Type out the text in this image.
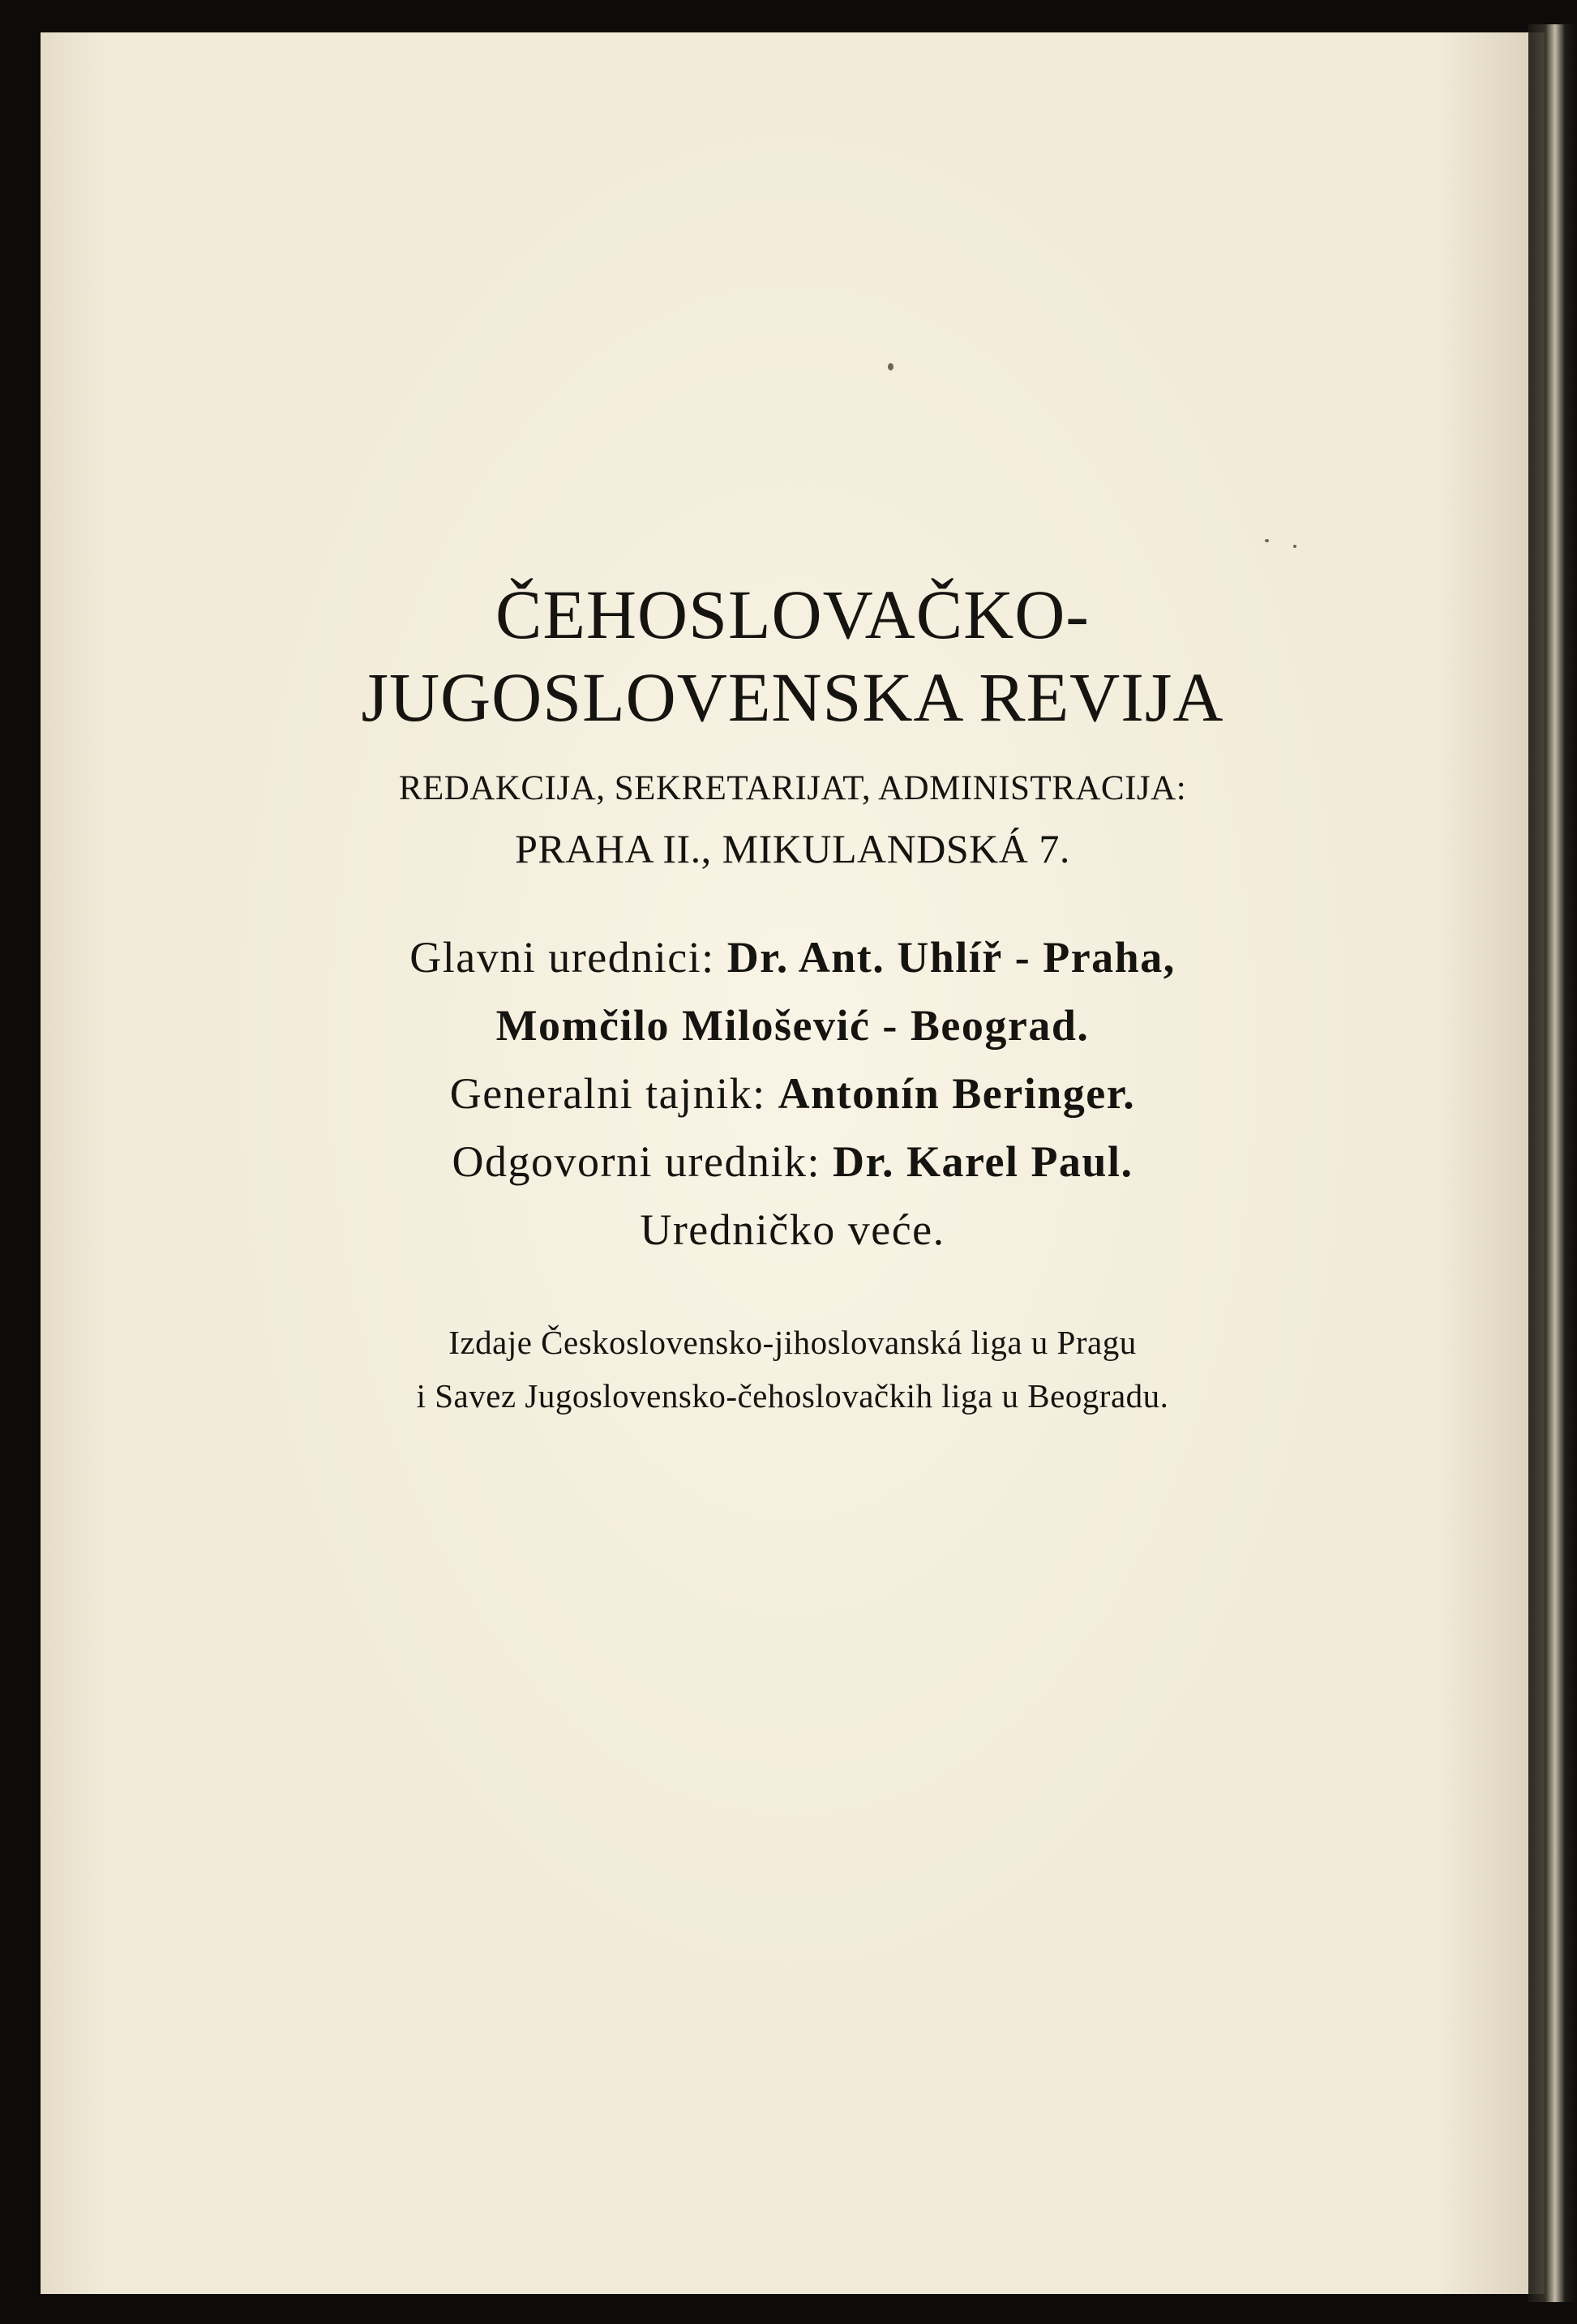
ČEHOSLOVAČKO-
JUGOSLOVENSKA REVIJA
REDAKCIJA, SEKRETARIJAT, ADMINISTRACIJA:
PRAHA II., MIKULANDSKÁ 7.
Glavni urednici: Dr. Ant. Uhlíř - Praha,
Momčilo Milošević - Beograd.
Generalni tajnik: Antonín Beringer.
Odgovorni urednik: Dr. Karel Paul.
Uredničko veće.
Izdaje Československo-jihoslovanská liga u Pragu
i Savez Jugoslovensko-čehoslovačkih liga u Beogradu.
